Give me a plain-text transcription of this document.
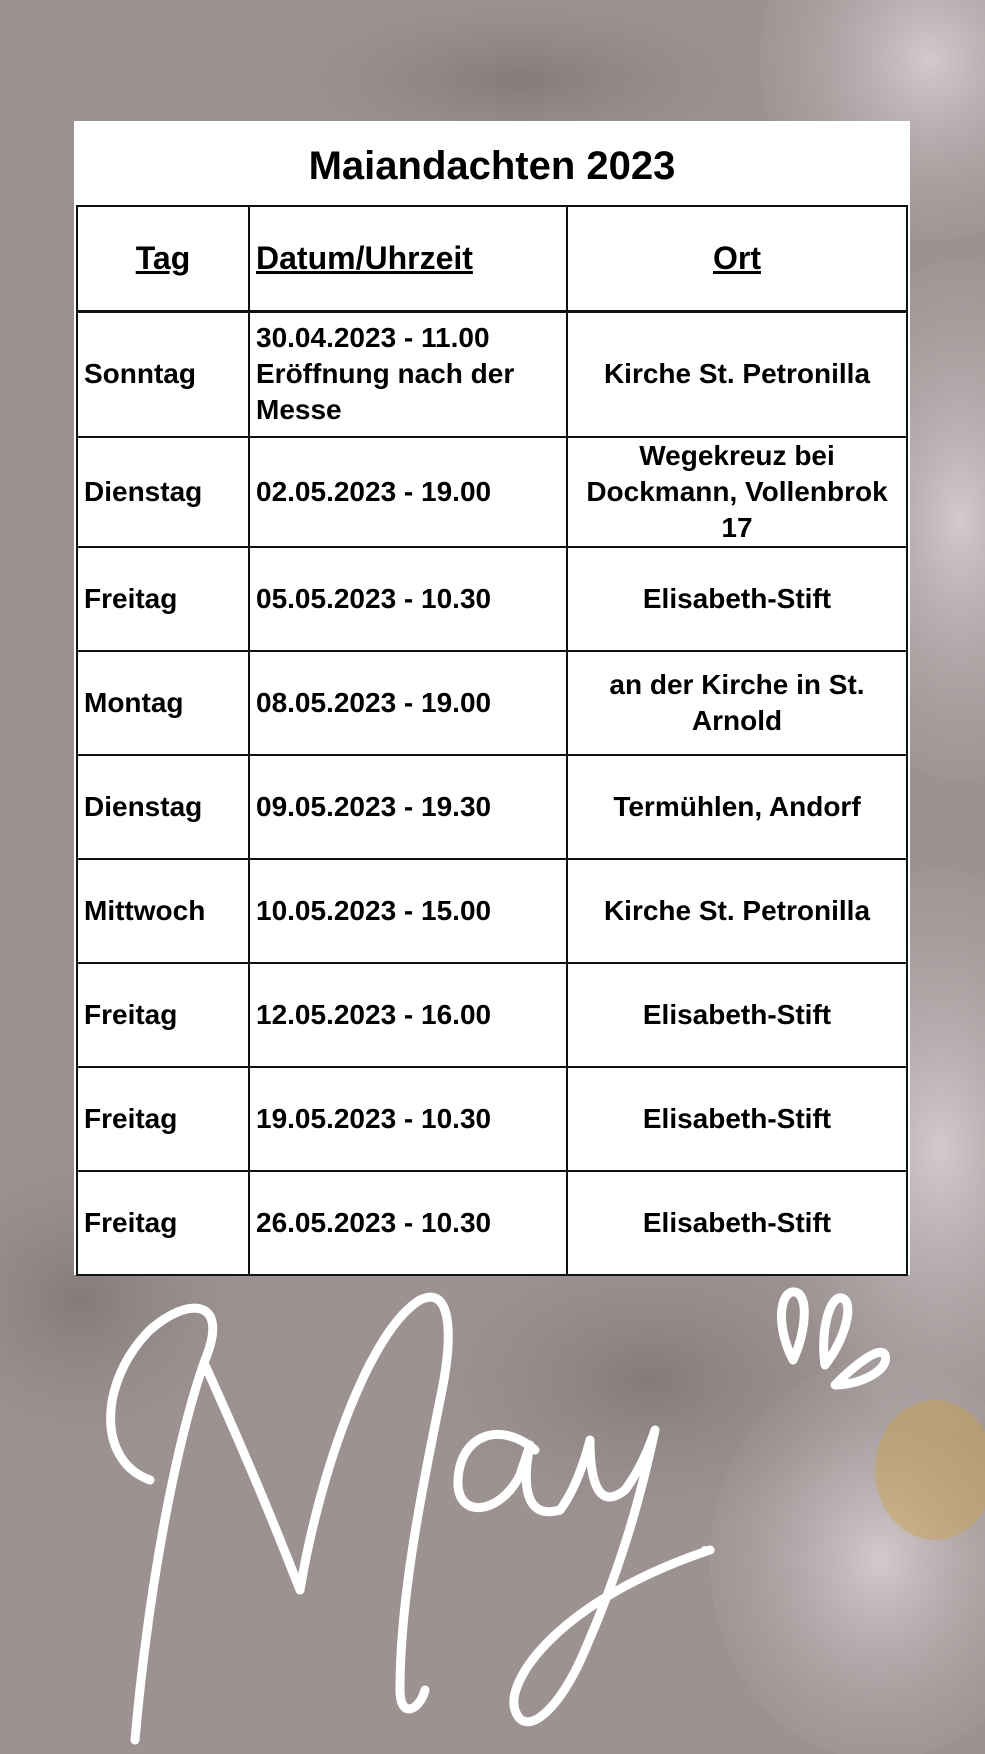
Maiandachten 2023
Tag	Datum/Uhrzeit	Ort
Sonntag	30.04.2023 - 11.00 Eröffnung nach der Messe	Kirche St. Petronilla
Dienstag	02.05.2023 - 19.00	Wegekreuz bei Dockmann, Vollenbrok 17
Freitag	05.05.2023 - 10.30	Elisabeth-Stift
Montag	08.05.2023 - 19.00	an der Kirche in St. Arnold
Dienstag	09.05.2023 - 19.30	Termühlen, Andorf
Mittwoch	10.05.2023 - 15.00	Kirche St. Petronilla
Freitag	12.05.2023 - 16.00	Elisabeth-Stift
Freitag	19.05.2023 - 10.30	Elisabeth-Stift
Freitag	26.05.2023 - 10.30	Elisabeth-Stift
